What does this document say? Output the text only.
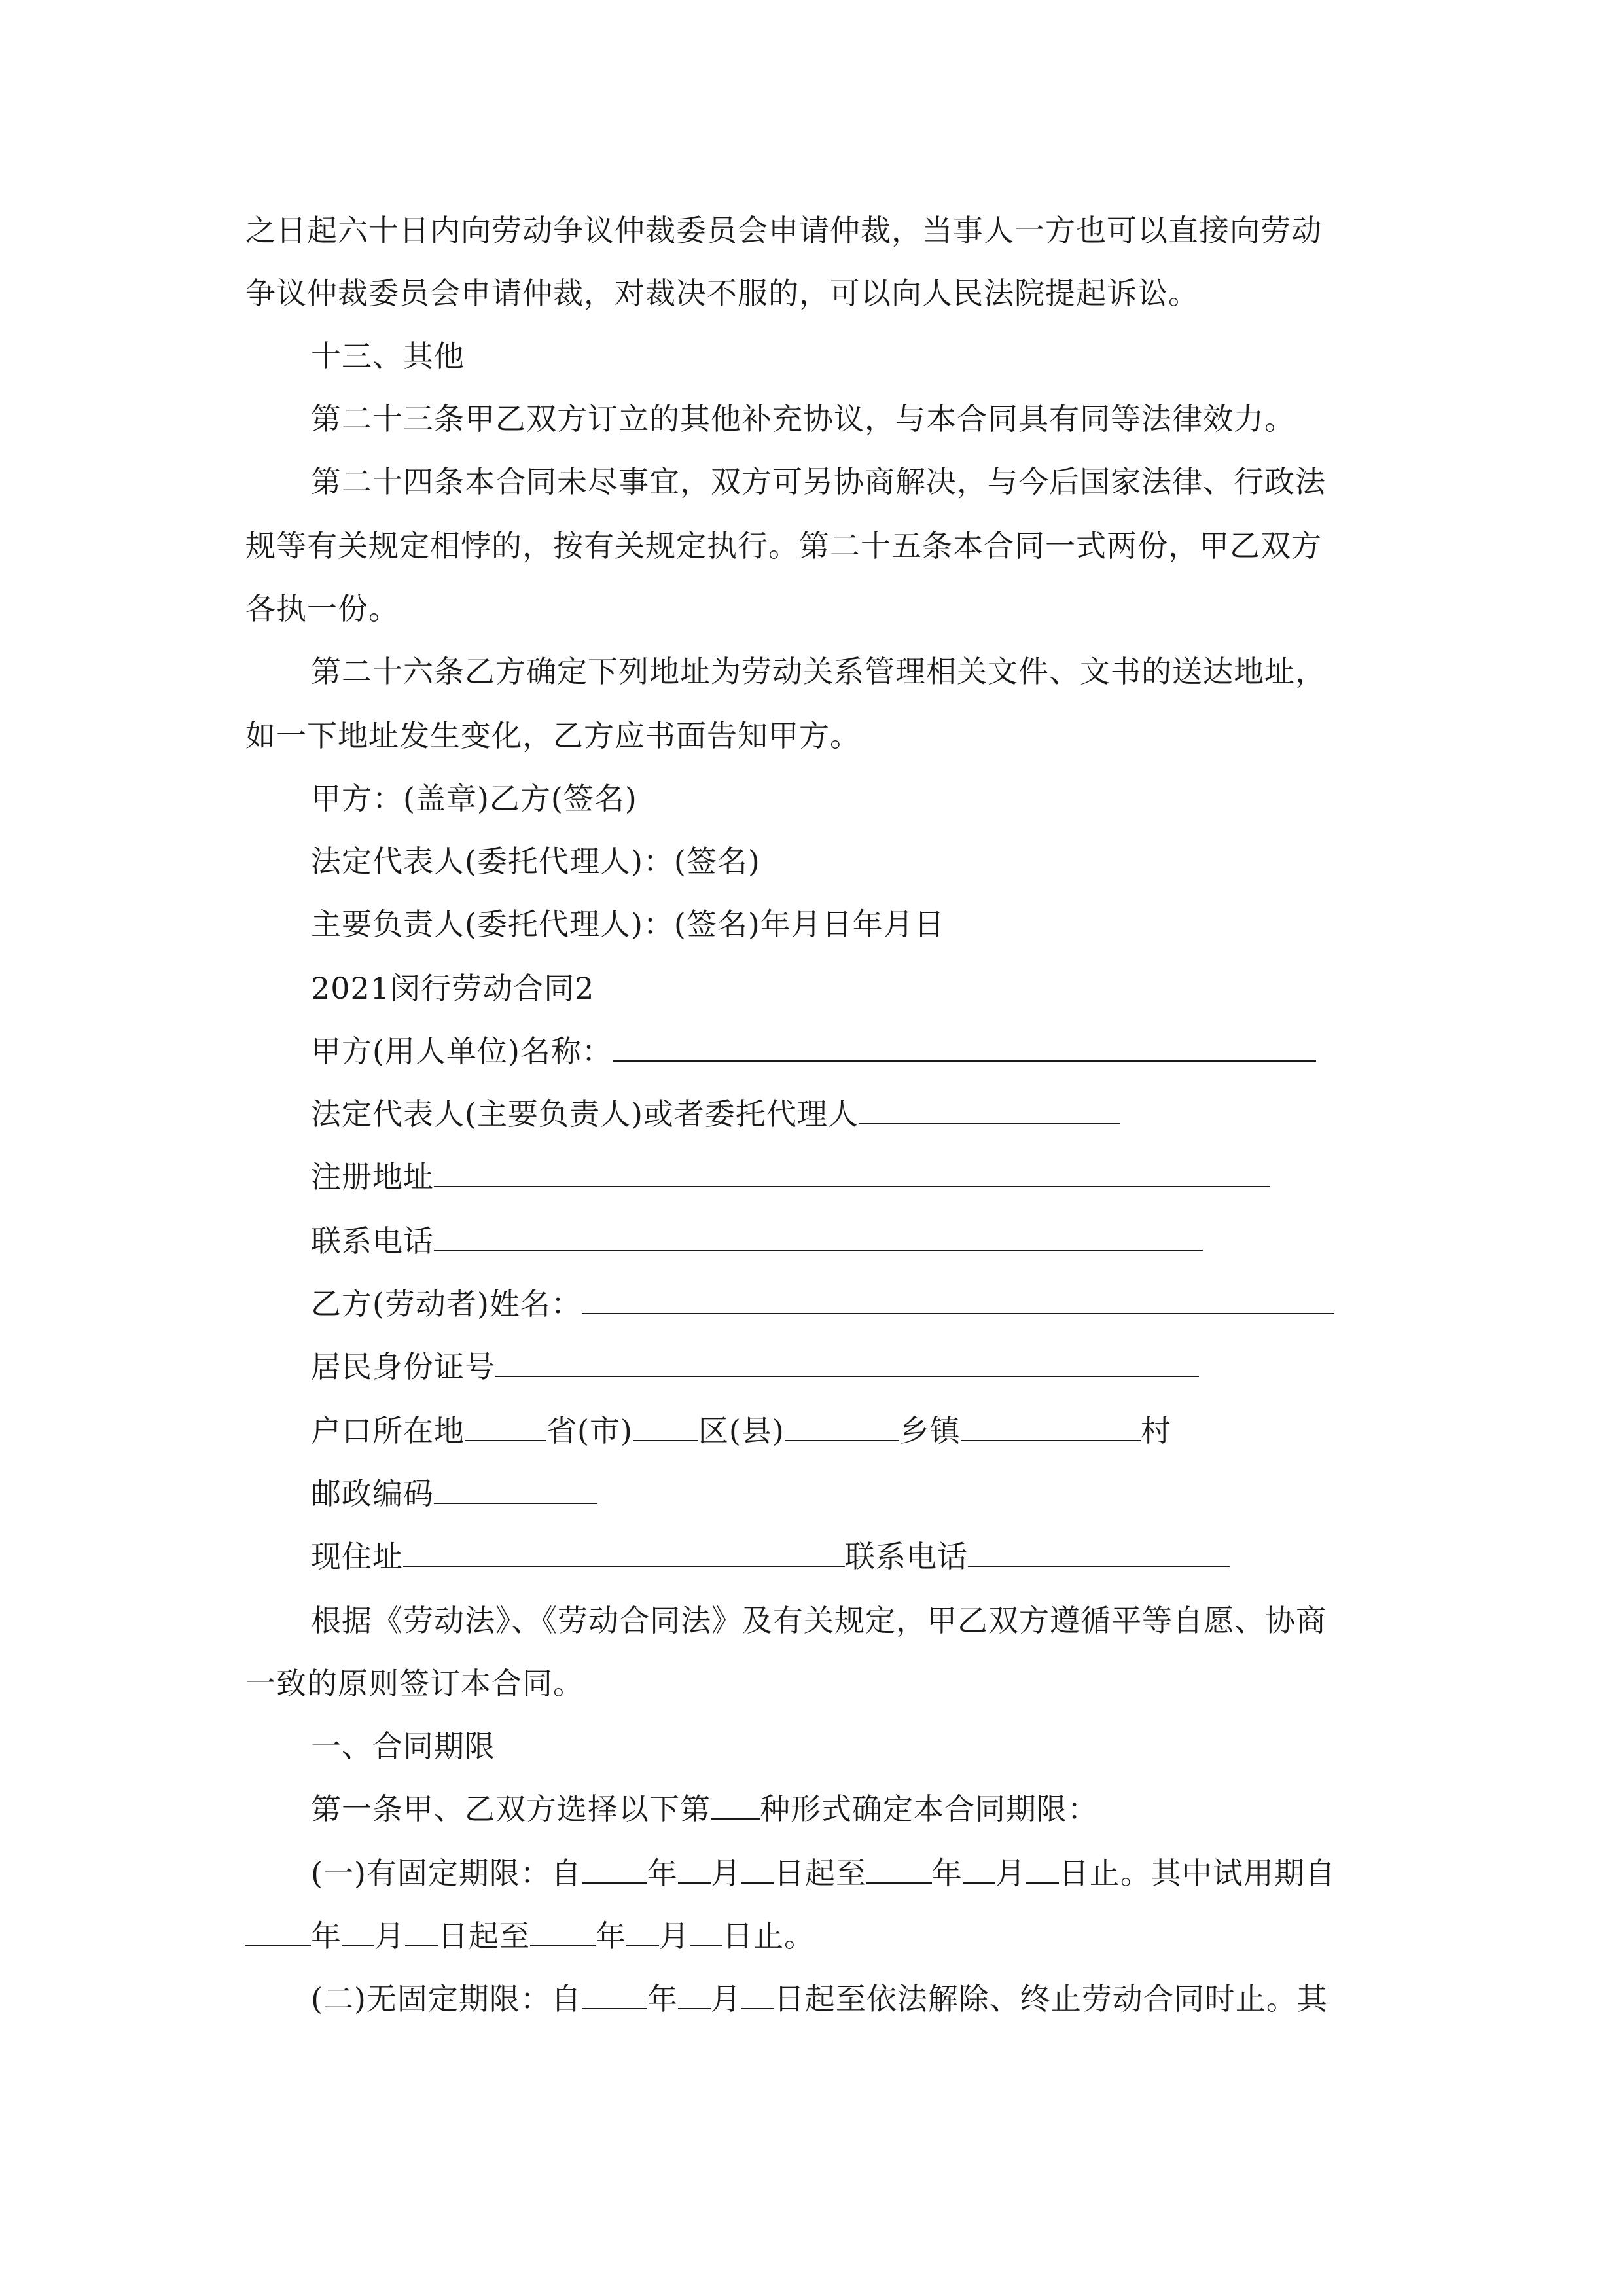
之日起六十日内向劳动争议仲裁委员会申请仲裁，当事人一方也可以直接向劳动
争议仲裁委员会申请仲裁，对裁决不服的，可以向人民法院提起诉讼。
十三、其他
第二十三条甲乙双方订立的其他补充协议，与本合同具有同等法律效力。
第二十四条本合同未尽事宜，双方可另协商解决，与今后国家法律、行政法
规等有关规定相悖的，按有关规定执行。第二十五条本合同一式两份，甲乙双方
各执一份。
第二十六条乙方确定下列地址为劳动关系管理相关文件、文书的送达地址，
如一下地址发生变化，乙方应书面告知甲方。
甲方：(盖章)乙方(签名)
法定代表人(委托代理人)：(签名)
主要负责人(委托代理人)：(签名)年月日年月日
2021闵行劳动合同2
甲方(用人单位)名称：
法定代表人(主要负责人)或者委托代理人
注册地址
联系电话
乙方(劳动者)姓名：
居民身份证号
户口所在地	省(市) 区(县)	乡镇	村
邮政编码
现住址	联系电话
根据《劳动法》、《劳动合同法》及有关规定，甲乙双方遵循平等自愿、协商
一致的原则签订本合同。
一、合同期限
第一条甲、乙双方选择以下第 种形式确定本合同期限：
(一)有固定期限：自 年 月 日起至 年 月 日止。其中试用期自
年 月 日起至 年 月 日止。
(二)无固定期限：自 年 月 日起至依法解除、终止劳动合同时止。其
